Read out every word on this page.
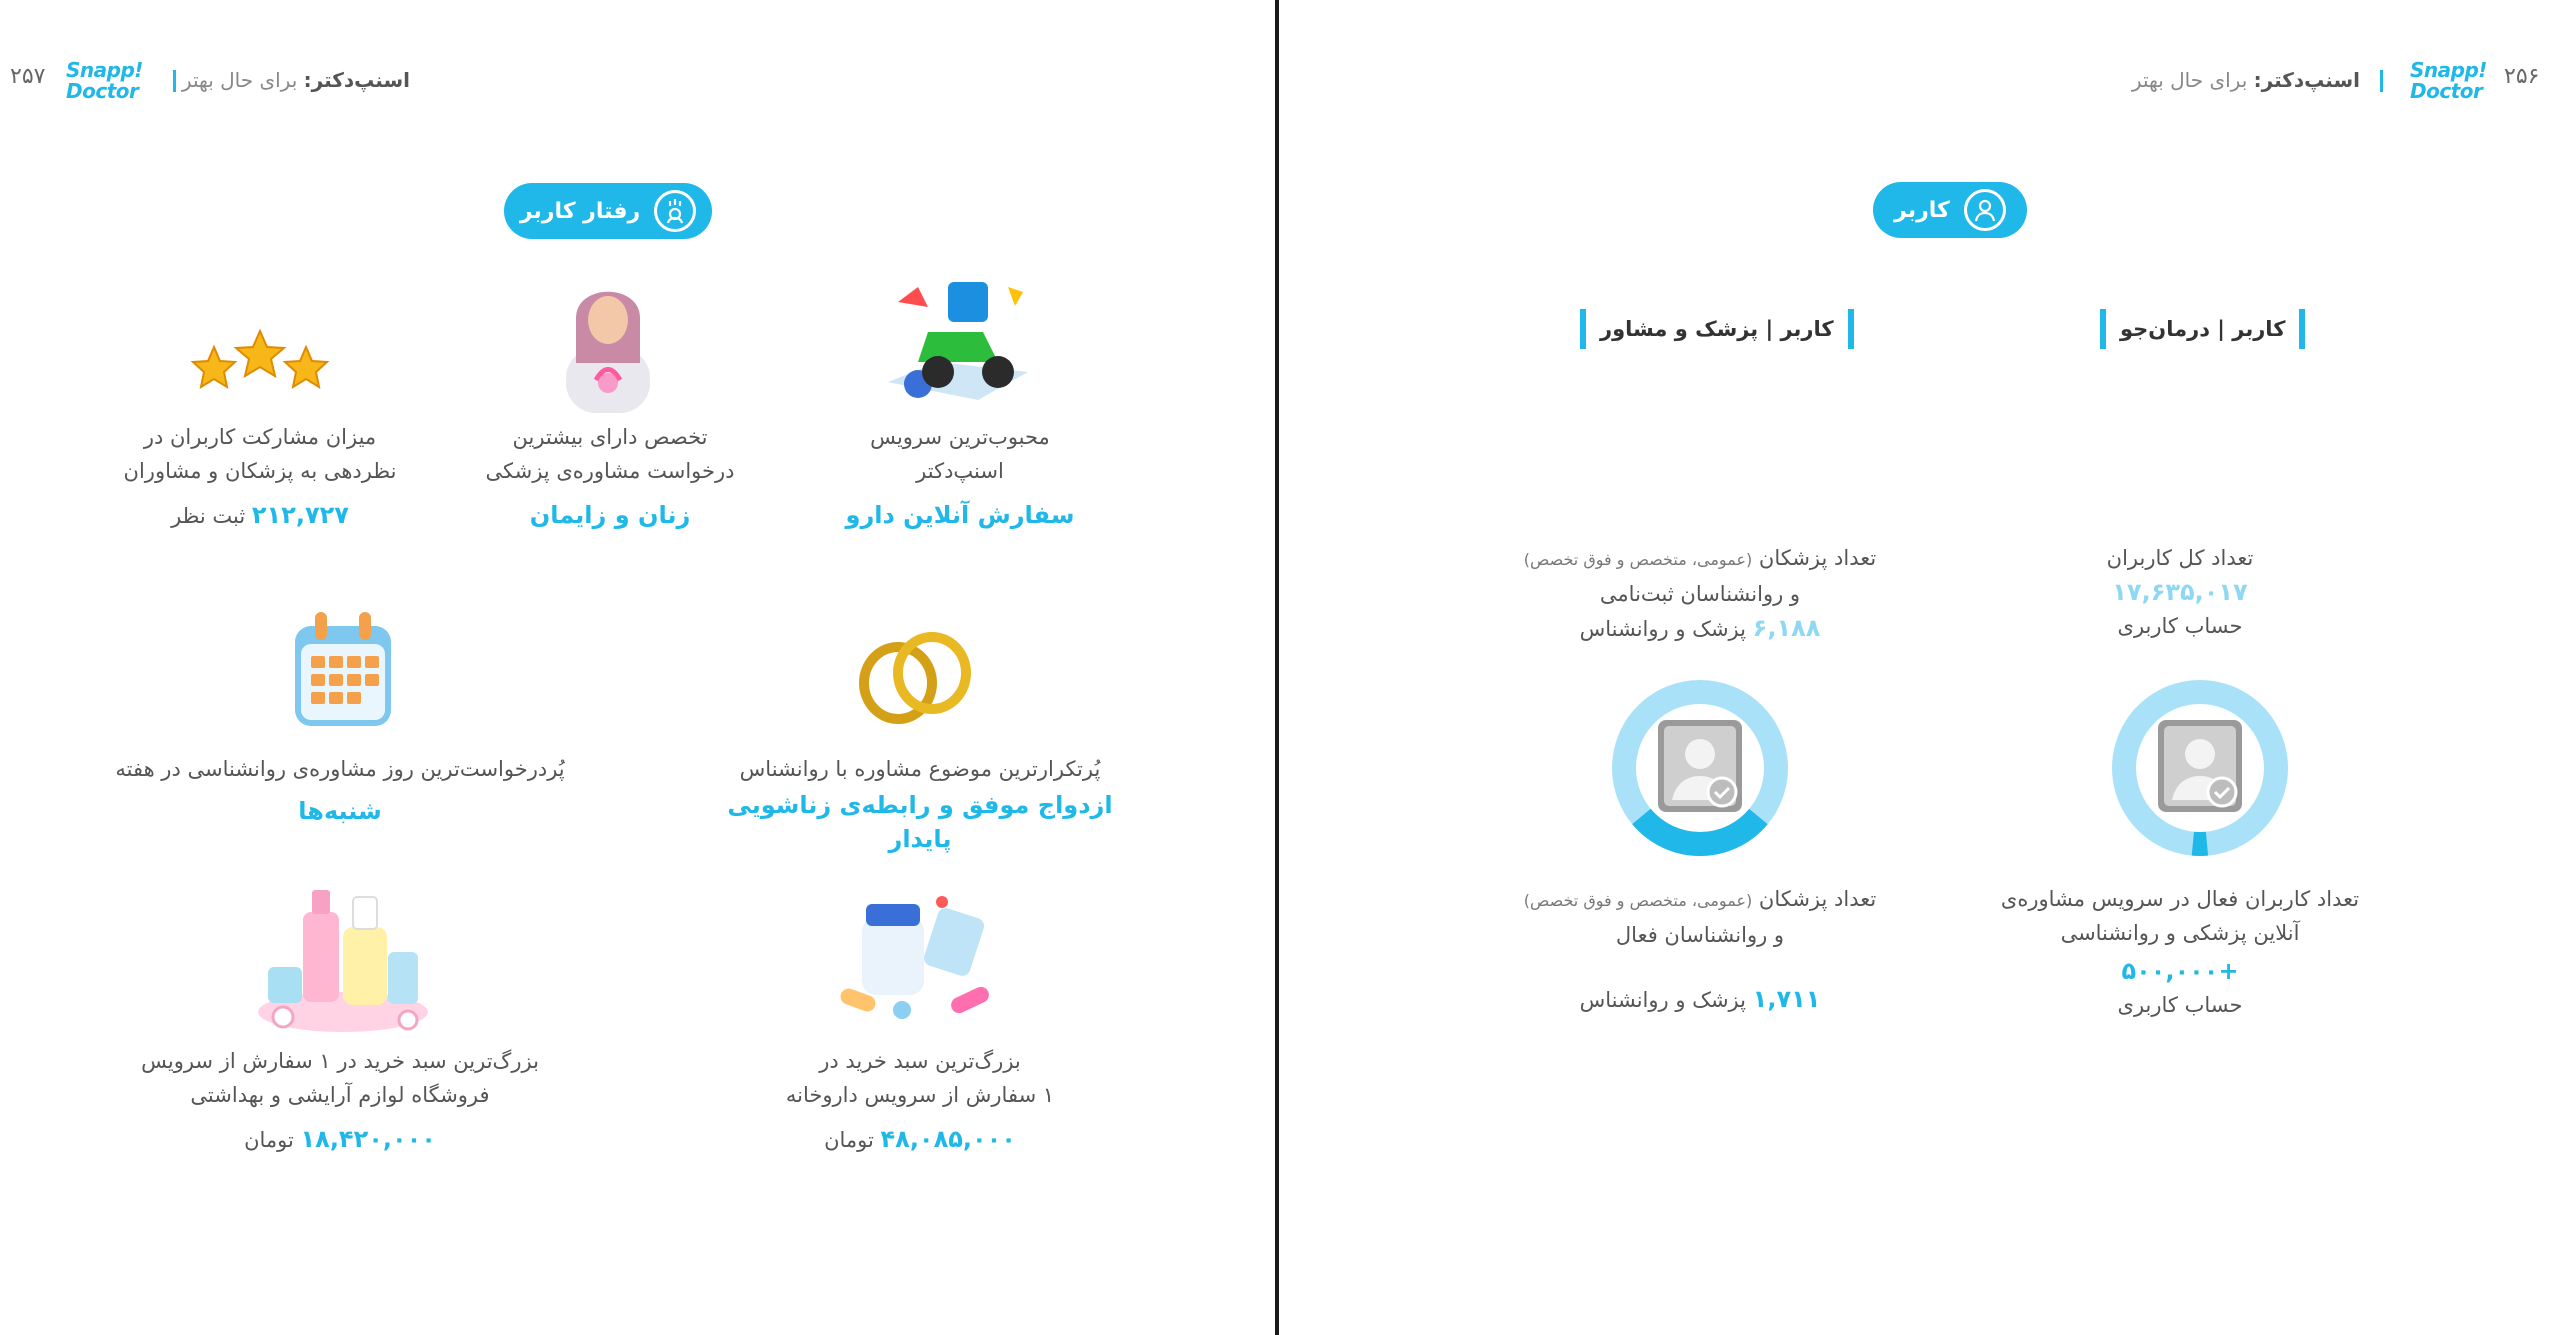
۲۵۷ Snapp!
Doctor	اسنپ‌دکتر: برای حال بهتر
رفتار کاربر
میزان مشارکت کاربران در
نظردهی به پزشکان و مشاوران
۲۱۲,۷۲۷ ثبت نظر
تخصص دارای بیشترین
درخواست مشاوره‌ی پزشکی
زنان و زایمان
محبوب‌ترین سرویس
اسنپ‌دکتر
سفارش آنلاین دارو
پُردرخواست‌ترین روز مشاوره‌ی روانشناسی در هفته
شنبه‌ها
پُرتکرارترین موضوع مشاوره با روانشناس
ازدواج موفق و رابطه‌ی زناشویی پایدار
بزرگ‌ترین سبد خرید در ۱ سفارش از سرویس
فروشگاه لوازم آرایشی و بهداشتی
۱۸,۴۲۰,۰۰۰ تومان
بزرگ‌ترین سبد خرید در
۱ سفارش از سرویس داروخانه
۴۸,۰۸۵,۰۰۰ تومان
۲۵۶
Snapp!
Doctor
اسنپ‌دکتر: برای حال بهتر
کاربر
کاربر | درمان‌جو
کاربر | پزشک و مشاور
تعداد کل کاربران
۱۷,۶۳۵,۰۱۷
حساب کاربری
تعداد کاربران فعال در سرویس مشاوره‌ی
آنلاین پزشکی و روانشناسی
+۵۰۰,۰۰۰
حساب کاربری
تعداد پزشکان (عمومی، متخصص و فوق تخصص)
و روانشناسان ثبت‌نامی
۶,۱۸۸ پزشک و روانشناس
تعداد پزشکان (عمومی، متخصص و فوق تخصص)
و روانشناسان فعال
۱,۷۱۱ پزشک و روانشناس
